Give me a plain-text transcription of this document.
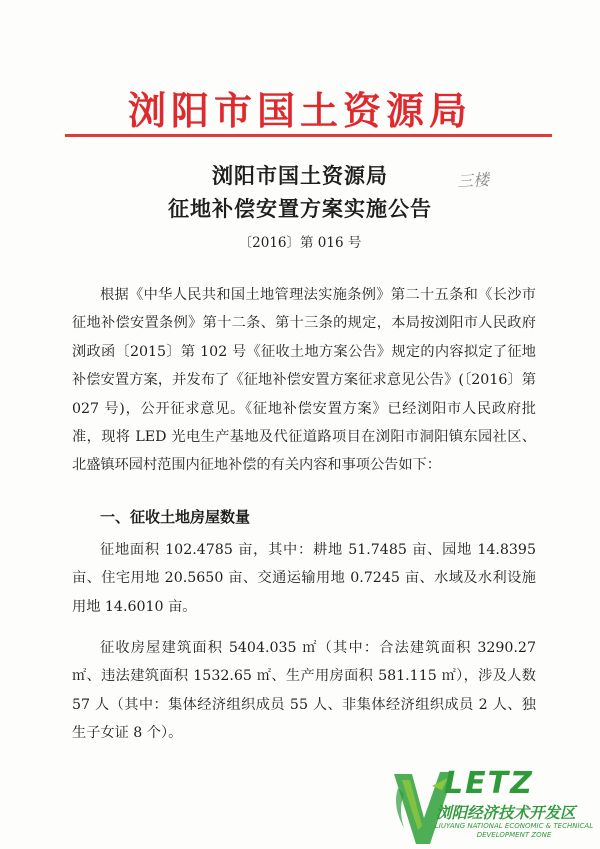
浏阳市国土资源局
浏阳市国土资源局
征地补偿安置方案实施公告
〔2016〕第 016 号
三楼
根据《中华人民共和国土地管理法实施条例》第二十五条和《长沙市征地补偿安置条例》第十二条、第十三条的规定，本局按浏阳市人民政府浏政函〔2015〕第 102 号《征收土地方案公告》规定的内容拟定了征地补偿安置方案，并发布了《征地补偿安置方案征求意见公告》(〔2016〕第 027 号)，公开征求意见。《征地补偿安置方案》已经浏阳市人民政府批准，现将 LED 光电生产基地及代征道路项目在浏阳市洞阳镇东园社区、北盛镇环园村范围内征地补偿的有关内容和事项公告如下：
一、征收土地房屋数量
征地面积 102.4785 亩，其中：耕地 51.7485 亩、园地 14.8395 亩、住宅用地 20.5650 亩、交通运输用地 0.7245 亩、水域及水利设施用地 14.6010 亩。
征收房屋建筑面积 5404.035 ㎡（其中：合法建筑面积 3290.27 ㎡、违法建筑面积 1532.65 ㎡、生产用房面积 581.115 ㎡），涉及人数 57 人（其中：集体经济组织成员 55 人、非集体经济组织成员 2 人、独生子女证 8 个）。
LETZ
浏阳经济技术开发区
LIUYANG NATIONAL ECONOMIC & TECHNICAL DEVELOPMENT ZONE
